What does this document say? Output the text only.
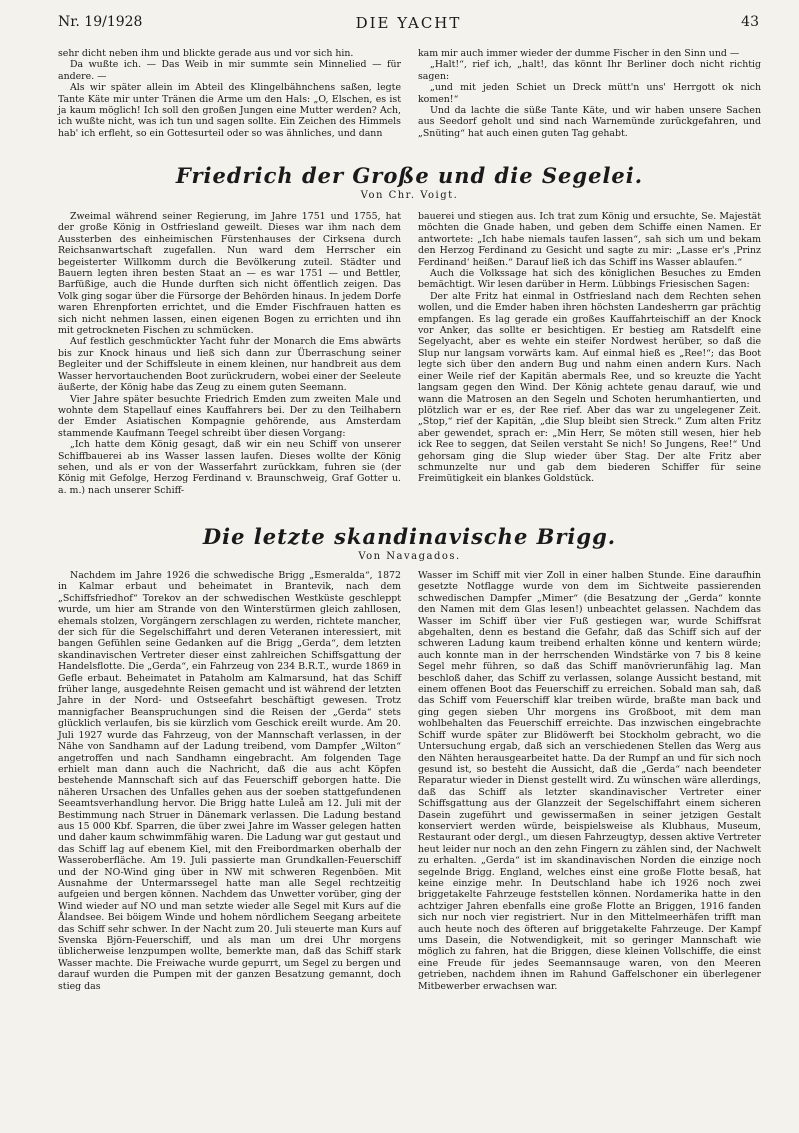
Nr. 19/1928	DIE YACHT	43

sehr dicht neben ihm und blickte gerade aus und vor sich hin.

Da wußte ich. — Das Weib in mir summte sein Minnelied — für andere. —

Als wir später allein im Abteil des Klingelbähnchens saßen, legte Tante Käte mir unter Tränen die Arme um den Hals: „O, Elschen, es ist ja kaum möglich! Ich soll den großen Jungen eine Mutter werden? Ach, ich wußte nicht, was ich tun und sagen sollte. Ein Zeichen des Himmels hab' ich erfleht, so ein Gottesurteil oder so was ähnliches, und dann

kam mir auch immer wieder der dumme Fischer in den Sinn und —

„Halt!“, rief ich, „halt!, das könnt Ihr Berliner doch nicht richtig sagen:

„und mit jeden Schiet un Dreck mütt'n uns' Herrgott ok nich komen!“

Und da lachte die süße Tante Käte, und wir haben unsere Sachen aus Seedorf geholt und sind nach Warnemünde zurückgefahren, und „Snüting“ hat auch einen guten Tag gehabt.

Friedrich der Große und die Segelei.
Von Chr. Voigt.

Zweimal während seiner Regierung, im Jahre 1751 und 1755, hat der große König in Ostfriesland geweilt. Dieses war ihm nach dem Aussterben des einheimischen Fürstenhauses der Cirksena durch Reichsanwartschaft zugefallen. Nun ward dem Herrscher ein begeisterter Willkomm durch die Bevölkerung zuteil. Städter und Bauern legten ihren besten Staat an — es war 1751 — und Bettler, Barfüßige, auch die Hunde durften sich nicht öffentlich zeigen. Das Volk ging sogar über die Fürsorge der Behörden hinaus. In jedem Dorfe waren Ehrenpforten errichtet, und die Emder Fischfrauen hatten es sich nicht nehmen lassen, einen eigenen Bogen zu errichten und ihn mit getrockneten Fischen zu schmücken.

Auf festlich geschmückter Yacht fuhr der Monarch die Ems abwärts bis zur Knock hinaus und ließ sich dann zur Überraschung seiner Begleiter und der Schiffsleute in einem kleinen, nur handbreit aus dem Wasser hervortauchenden Boot zurückrudern, wobei einer der Seeleute äußerte, der König habe das Zeug zu einem guten Seemann.

Vier Jahre später besuchte Friedrich Emden zum zweiten Male und wohnte dem Stapellauf eines Kauffahrers bei. Der zu den Teilhabern der Emder Asiatischen Kompagnie gehörende, aus Amsterdam stammende Kaufmann Teegel schreibt über diesen Vorgang:

„Ich hatte dem König gesagt, daß wir ein neu Schiff von unserer Schiffbauerei ab ins Wasser lassen laufen. Dieses wollte der König sehen, und als er von der Wasserfahrt zurückkam, fuhren sie (der König mit Gefolge, Herzog Ferdinand v. Braunschweig, Graf Gotter u. a. m.) nach unserer Schiff-

bauerei und stiegen aus. Ich trat zum König und ersuchte, Se. Majestät möchten die Gnade haben, und geben dem Schiffe einen Namen. Er antwortete: „Ich habe niemals taufen lassen“, sah sich um und bekam den Herzog Ferdinand zu Gesicht und sagte zu mir: „Lasse er's ‚Prinz Ferdinand‘ heißen.“ Darauf ließ ich das Schiff ins Wasser ablaufen.“

Auch die Volkssage hat sich des königlichen Besuches zu Emden bemächtigt. Wir lesen darüber in Herm. Lübbings Friesischen Sagen:

Der alte Fritz hat einmal in Ostfriesland nach dem Rechten sehen wollen, und die Emder haben ihren höchsten Landesherrn gar prächtig empfangen. Es lag gerade ein großes Kauffahrteischiff an der Knock vor Anker, das sollte er besichtigen. Er bestieg am Ratsdelft eine Segelyacht, aber es wehte ein steifer Nordwest herüber, so daß die Slup nur langsam vorwärts kam. Auf einmal hieß es „Ree!“; das Boot legte sich über den andern Bug und nahm einen andern Kurs. Nach einer Weile rief der Kapitän abermals Ree, und so kreuzte die Yacht langsam gegen den Wind. Der König achtete genau darauf, wie und wann die Matrosen an den Segeln und Schoten herumhantierten, und plötzlich war er es, der Ree rief. Aber das war zu ungelegener Zeit. „Stop,“ rief der Kapitän, „die Slup bleibt sien Streck.“ Zum alten Fritz aber gewendet, sprach er: „Min Herr, Se möten still wesen, hier heb ick Ree to seggen, dat Seilen verstaht Se nich! So Jungens, Ree!“ Und gehorsam ging die Slup wieder über Stag. Der alte Fritz aber schmunzelte nur und gab dem biederen Schiffer für seine Freimütigkeit ein blankes Goldstück.

Die letzte skandinavische Brigg.
Von Navagados.

Nachdem im Jahre 1926 die schwedische Brigg „Esmeralda“, 1872 in Kalmar erbaut und beheimatet in Brantevik, nach dem „Schiffsfriedhof“ Torekov an der schwedischen Westküste geschleppt wurde, um hier am Strande von den Winterstürmen gleich zahllosen, ehemals stolzen, Vorgängern zerschlagen zu werden, richtete mancher, der sich für die Segelschiffahrt und deren Veteranen interessiert, mit bangen Gefühlen seine Gedanken auf die Brigg „Gerda“, dem letzten skandinavischen Vertreter dieser einst zahlreichen Schiffsgattung der Handelsflotte. Die „Gerda“, ein Fahrzeug von 234 B.R.T., wurde 1869 in Gefle erbaut. Beheimatet in Pataholm am Kalmarsund, hat das Schiff früher lange, ausgedehnte Reisen gemacht und ist während der letzten Jahre in der Nord- und Ostseefahrt beschäftigt gewesen. Trotz mannigfacher Beanspruchungen sind die Reisen der „Gerda“ stets glücklich verlaufen, bis sie kürzlich vom Geschick ereilt wurde. Am 20. Juli 1927 wurde das Fahrzeug, von der Mannschaft verlassen, in der Nähe von Sandhamn auf der Ladung treibend, vom Dampfer „Wilton“ angetroffen und nach Sandhamn eingebracht. Am folgenden Tage erhielt man dann auch die Nachricht, daß die aus acht Köpfen bestehende Mannschaft sich auf das Feuerschiff geborgen hatte. Die näheren Ursachen des Unfalles gehen aus der soeben stattgefundenen Seeamtsverhandlung hervor. Die Brigg hatte Luleå am 12. Juli mit der Bestimmung nach Struer in Dänemark verlassen. Die Ladung bestand aus 15 000 Kbf. Sparren, die über zwei Jahre im Wasser gelegen hatten und daher kaum schwimmfähig waren. Die Ladung war gut gestaut und das Schiff lag auf ebenem Kiel, mit den Freibordmarken oberhalb der Wasseroberfläche. Am 19. Juli passierte man Grundkallen-Feuerschiff und der NO-Wind ging über in NW mit schweren Regenböen. Mit Ausnahme der Untermarssegel hatte man alle Segel rechtzeitig aufgeien und bergen können. Nachdem das Unwetter vorüber, ging der Wind wieder auf NO und man setzte wieder alle Segel mit Kurs auf die Ålandsee. Bei böigem Winde und hohem nördlichem Seegang arbeitete das Schiff sehr schwer. In der Nacht zum 20. Juli steuerte man Kurs auf Svenska Björn-Feuerschiff, und als man um drei Uhr morgens üblicherweise lenzpumpen wollte, bemerkte man, daß das Schiff stark Wasser machte. Die Freiwache wurde gepurrt, um Segel zu bergen und darauf wurden die Pumpen mit der ganzen Besatzung gemannt, doch stieg das

Wasser im Schiff mit vier Zoll in einer halben Stunde. Eine daraufhin gesetzte Notflagge wurde von dem im Sichtweite passierenden schwedischen Dampfer „Mimer“ (die Besatzung der „Gerda“ konnte den Namen mit dem Glas lesen!) unbeachtet gelassen. Nachdem das Wasser im Schiff über vier Fuß gestiegen war, wurde Schiffsrat abgehalten, denn es bestand die Gefahr, daß das Schiff sich auf der schweren Ladung kaum treibend erhalten könne und kentern würde; auch konnte man in der herrschenden Windstärke von 7 bis 8 keine Segel mehr führen, so daß das Schiff manövrierunfähig lag. Man beschloß daher, das Schiff zu verlassen, solange Aussicht bestand, mit einem offenen Boot das Feuerschiff zu erreichen. Sobald man sah, daß das Schiff vom Feuerschiff klar treiben würde, braßte man back und ging gegen sieben Uhr morgens ins Großboot, mit dem man wohlbehalten das Feuerschiff erreichte. Das inzwischen eingebrachte Schiff wurde später zur Blidöwerft bei Stockholm gebracht, wo die Untersuchung ergab, daß sich an verschiedenen Stellen das Werg aus den Nähten herausgearbeitet hatte. Da der Rumpf an und für sich noch gesund ist, so besteht die Aussicht, daß die „Gerda“ nach beendeter Reparatur wieder in Dienst gestellt wird. Zu wünschen wäre allerdings, daß das Schiff als letzter skandinavischer Vertreter einer Schiffsgattung aus der Glanzzeit der Segelschiffahrt einem sicheren Dasein zugeführt und gewissermaßen in seiner jetzigen Gestalt konserviert werden würde, beispielsweise als Klubhaus, Museum, Restaurant oder dergl., um diesen Fahrzeugtyp, dessen aktive Vertreter heut leider nur noch an den zehn Fingern zu zählen sind, der Nachwelt zu erhalten. „Gerda“ ist im skandinavischen Norden die einzige noch segelnde Brigg. England, welches einst eine große Flotte besaß, hat keine einzige mehr. In Deutschland habe ich 1926 noch zwei briggetakelte Fahrzeuge feststellen können. Nordamerika hatte in den achtziger Jahren ebenfalls eine große Flotte an Briggen, 1916 fanden sich nur noch vier registriert. Nur in den Mittelmeerhäfen trifft man auch heute noch des öfteren auf briggetakelte Fahrzeuge. Der Kampf ums Dasein, die Notwendigkeit, mit so geringer Mannschaft wie möglich zu fahren, hat die Briggen, diese kleinen Vollschiffe, die einst eine Freude für jedes Seemannsauge waren, von den Meeren getrieben, nachdem ihnen im Rahund Gaffelschoner ein überlegener Mitbewerber erwachsen war.
